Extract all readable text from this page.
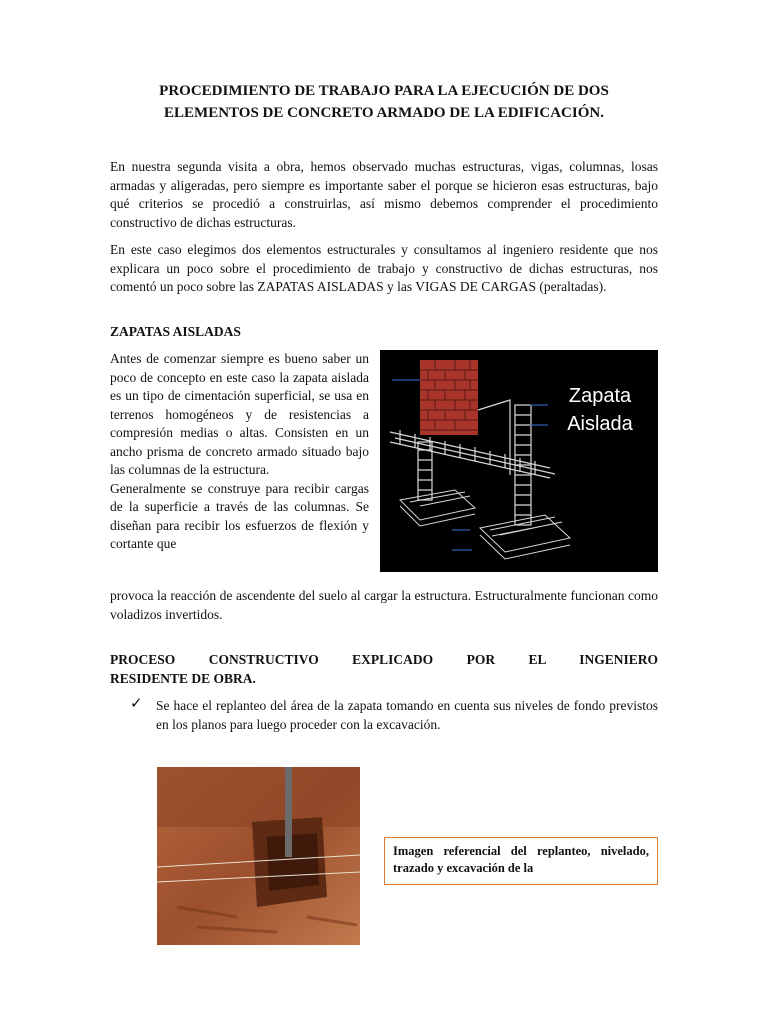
PROCEDIMIENTO DE TRABAJO PARA LA EJECUCIÓN DE DOS
ELEMENTOS DE CONCRETO ARMADO DE LA EDIFICACIÓN.

En nuestra segunda visita a obra, hemos observado muchas estructuras, vigas, columnas, losas armadas y aligeradas, pero siempre es importante saber el porque se hicieron esas estructuras, bajo qué criterios se procedió a construirlas, así mismo debemos comprender el procedimiento constructivo de dichas estructuras.

En este caso elegimos dos elementos estructurales y consultamos al ingeniero residente que nos explicara un poco sobre el procedimiento de trabajo y constructivo de dichas estructuras, nos comentó un poco sobre las ZAPATAS AISLADAS y las VIGAS DE CARGAS (peraltadas).

ZAPATAS AISLADAS
Antes de comenzar siempre es bueno saber un poco de concepto en este caso la zapata aislada es un tipo de cimentación superficial, se usa en terrenos homogéneos y de resistencias a compresión medias o altas. Consisten en un ancho prisma de concreto armado situado bajo las columnas de la estructura.
Generalmente se construye para recibir cargas de la superficie a través de las columnas. Se diseñan para recibir los esfuerzos de flexión y cortante que
Zapata
Aislada

provoca la reacción de ascendente del suelo al cargar la estructura. Estructuralmente funcionan como voladizos invertidos.

PROCESO CONSTRUCTIVO EXPLICADO POR EL INGENIERO
RESIDENTE DE OBRA.
✓ Se hace el replanteo del área de la zapata tomando en cuenta sus niveles de fondo previstos en los planos para luego proceder con la excavación.

Imagen referencial del replanteo, nivelado, trazado y excavación de la
